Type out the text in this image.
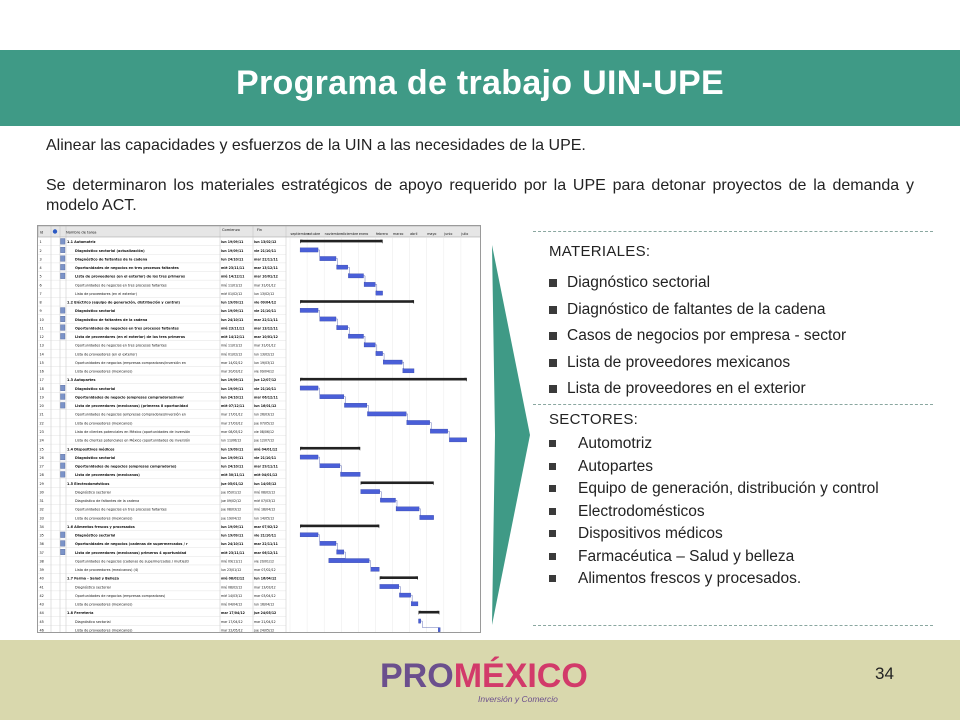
Programa de trabajo UIN-UPE

Alinear las capacidades y esfuerzos de la UIN a las necesidades de la UPE.

Se determinaron los materiales estratégicos de apoyo requerido por la UPE para detonar proyectos de la demanda y modelo ACT.

Id	Nombre de tarea
Comienzo	Fin
septiembre
octubre noviembre diciembre enero febrero marzo abril	mayo	junio	julio
1	1.1 Automotriz	lun 19/09/11	lun 13/02/12
2	Diagnóstico sectorial (actualización)	lun 19/09/11	vie 21/10/11
3	Diagnóstico de faltantes de la cadena	lun 24/10/11	mar 22/11/11
4	Oportunidades de negocios en tres procesos faltantes	mié 23/11/11	mar 13/12/11
5	Lista de proveedores (en el exterior) de los tres primeros	mié 14/12/11	mar 10/01/12
6	Oportunidades de negocios en tres procesos faltantes	mié 11/01/12	mar 31/01/12
7	Lista de proveedores (en el exterior)	mié 01/02/12	lun 13/02/12
8	1.2 Eléctrico (equipo de generación, distribución y control)	lun 19/09/11	vie 09/04/12
9	Diagnóstico sectorial	lun 19/09/11	vie 21/10/11
10	Diagnóstico de faltantes de la cadena	lun 24/10/11	mar 22/11/11
11	Oportunidades de negocios en tres procesos faltantes	mié 23/11/11	mar 13/12/11
12	Lista de proveedores (en el exterior) de los tres primeros	mié 14/12/11	mar 10/01/12
13	Oportunidades de negocios en tres procesos faltantes	mié 11/01/12	mar 31/01/12
14	Lista de proveedores (en el exterior)	mié 01/02/12	lun 13/02/12
15	Oportunidades de negocios (empresas compradoras/inversión en	mar 14/02/12	lun 19/03/12
16	Lista de proveedores (mexicanos)	mar 20/03/12	vie 09/04/12
17	1.3 Autopartes	lun 19/09/11	jue 12/07/12
18	Diagnóstico sectorial	lun 19/09/11	vie 21/10/11
19	Oportunidades de negocio (empresas compradoras/inver	lun 24/10/11	mar 06/12/11
20	Lista de proveedores (mexicanos) (primeras 8 oportunidad	mié 07/12/11	lun 16/01/12
21	Oportunidades de negocios (empresas compradoras/inversión en	mar 17/01/12	lun 26/03/12
22	Lista de proveedores (mexicanos)	mar 27/03/12	jue 07/05/12
23	Lista de clientes potenciales en México (oportunidades de inversión	mar 08/05/12	vie 08/06/12
24	Lista de clientes potenciales en México (oportunidades de inversión	lun 11/06/12	jue 12/07/12
25	1.4 Dispositivos médicos	lun 19/09/11	mié 04/01/12
26	Diagnóstico sectorial	lun 19/09/11	vie 21/10/11
27	Oportunidades de negocios (empresas compradoras)	lun 24/10/11	mar 29/11/11
28	Lista de proveedores (mexicanos)	mié 30/11/11	mié 04/01/12
29	1.5 Electrodomésticos	jue 05/01/12	lun 14/05/12
30	Diagnóstico sectorial	jue 05/01/12	mié 08/02/12
31	Diagnóstico de faltantes de la cadena	jue 09/02/12	mié 07/03/12
32	Oportunidades de negocios en tres procesos faltantes	jue 08/03/12	mié 18/04/12
33	Lista de proveedores (mexicanos)	jue 19/04/12	lun 14/05/12
34	1.6 Alimentos frescos y procesados	lun 19/09/11	mar 07/02/12
35	Diagnóstico sectorial	lun 19/09/11	vie 21/10/11
36	Oportunidades de negocios (cadenas de supermercados / r	lun 24/10/11	mar 22/11/11
37	Lista de proveedores (mexicanos) primeras 4 oportunidad	mié 23/11/11	mar 06/12/11
38	Oportunidades de negocios (cadenas de supermercados / multiesti	mié 09/11/11	vie 20/01/12
39	Lista de proveedores (mexicanos) (4)	lun 23/01/12	mar 07/02/12
40	1.7 Farma - Salud y Belleza	mié 08/02/12	lun 16/04/12
41	Diagnóstico sectorial	mié 08/02/12	mar 13/03/12
42	Oportunidades de negocios (empresas compradoras)	mié 14/03/12	mar 03/04/12
43	Lista de proveedores (mexicanos)	mié 04/04/12	lun 16/04/12
44	1.8 Ferretería	mar 17/04/12	jue 24/05/12
45	Diagnóstico sectorial	mar 17/04/12	mar 21/04/12
46	Lista de proveedores (mexicanos)	mar 22/05/12	jue 24/05/12
MATERIALES:
Diagnóstico sectorial
Diagnóstico de faltantes de la cadena
Casos de negocios por empresa - sector
Lista de proveedores mexicanos
Lista de proveedores en el exterior
SECTORES:
Automotriz
Autopartes
Equipo de generación, distribución y control
Electrodomésticos
Dispositivos médicos
Farmacéutica – Salud y belleza
Alimentos frescos y procesados.
PROMÉXICO
Inversión y Comercio
34
